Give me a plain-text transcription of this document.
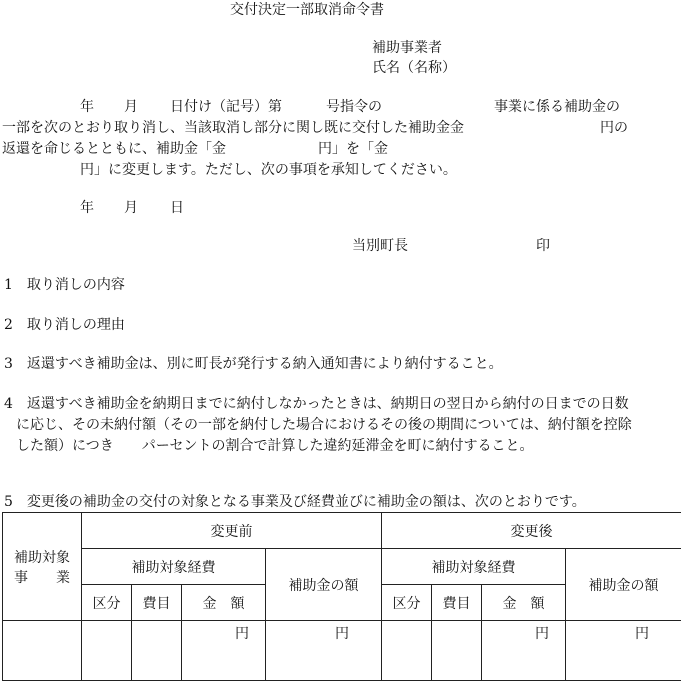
交付決定一部取消命令書
補助事業者
氏名（名称）
年 月 日付け（記号）第	号指令の	事業に係る補助金の
一部を次のとおり取り消し、当該取消し部分に関し既に交付した補助金金	円の
返還を命じるとともに、補助金「金	円」を「金
円」に変更します。ただし、次の事項を承知してください。
年 月 日
当別町長	印
1　取り消しの内容
2　取り消しの理由
3　返還すべき補助金は、別に町長が発行する納入通知書により納付すること。
4　返還すべき補助金を納期日までに納付しなかったときは、納期日の翌日から納付の日までの日数に応じ、その未納付額（その一部を納付した場合におけるその後の期間については、納付額を控除した額）につき　　パーセントの割合で計算した違約延滞金を町に納付すること。
5　変更後の補助金の交付の対象となる事業及び経費並びに補助金の額は、次のとおりです。
補助対象
事　　業	変更前				変更後			
	補助対象経費			補助金の額	補助対象経費			補助金の額
	区分	費目	金　額		区分	費目	金　額	
			円	円			円	円
